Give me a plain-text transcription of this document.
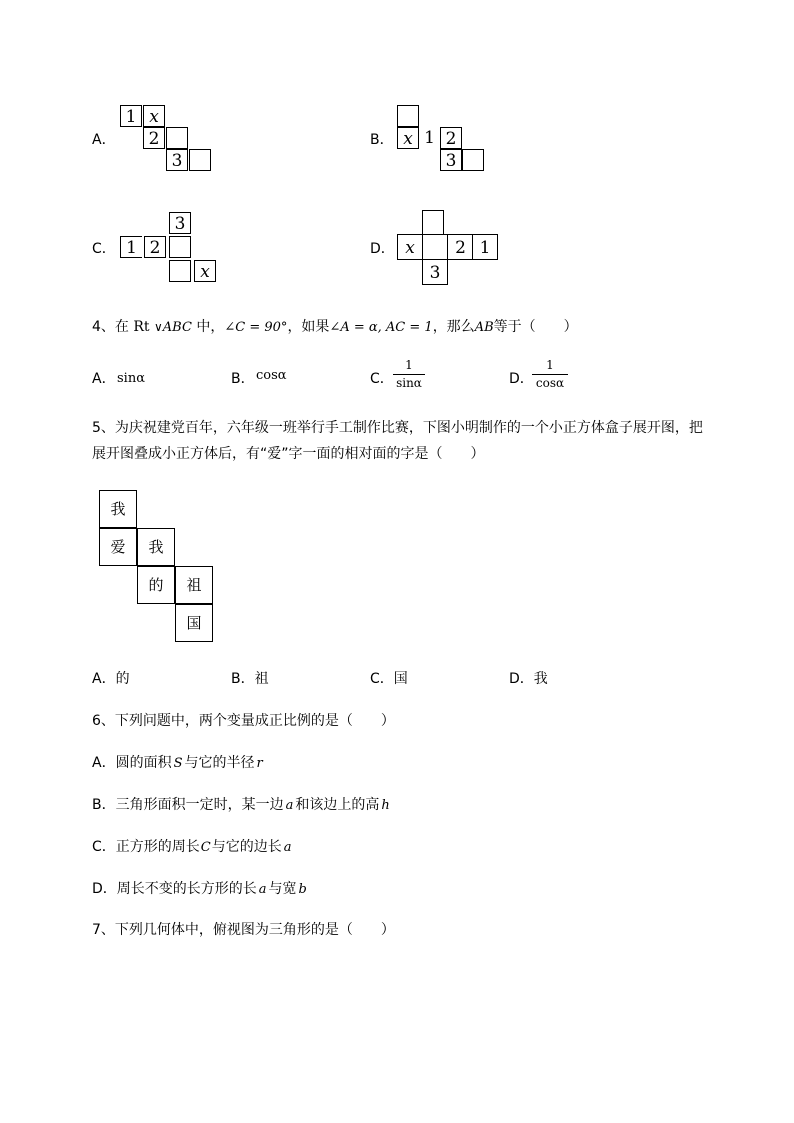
A．
1 x
2
3
B． x 1 2
3
C．
3
1 2
x
D． x	2 1
3
4、在 Rt ∨ABC 中，∠C = 90°，如果∠A = α, AC = 1，那么AB等于（　　）
A． sinα	B． cosα	C．
1
sinα	D．
1
cosα
5、为庆祝建党百年，六年级一班举行手工制作比赛，下图小明制作的一个小正方体盒子展开图，把
展开图叠成小正方体后，有“爱”字一面的相对面的字是（　　）
我
爱	我
的	祖
国
A．的	B．祖	C．国	D．我
6、下列问题中，两个变量成正比例的是（　　）
A．圆的面积 S 与它的半径 r
B．三角形面积一定时，某一边 a 和该边上的高 h
C．正方形的周长C与它的边长 a
D．周长不变的长方形的长 a 与宽 b
7、下列几何体中，俯视图为三角形的是（　　）
